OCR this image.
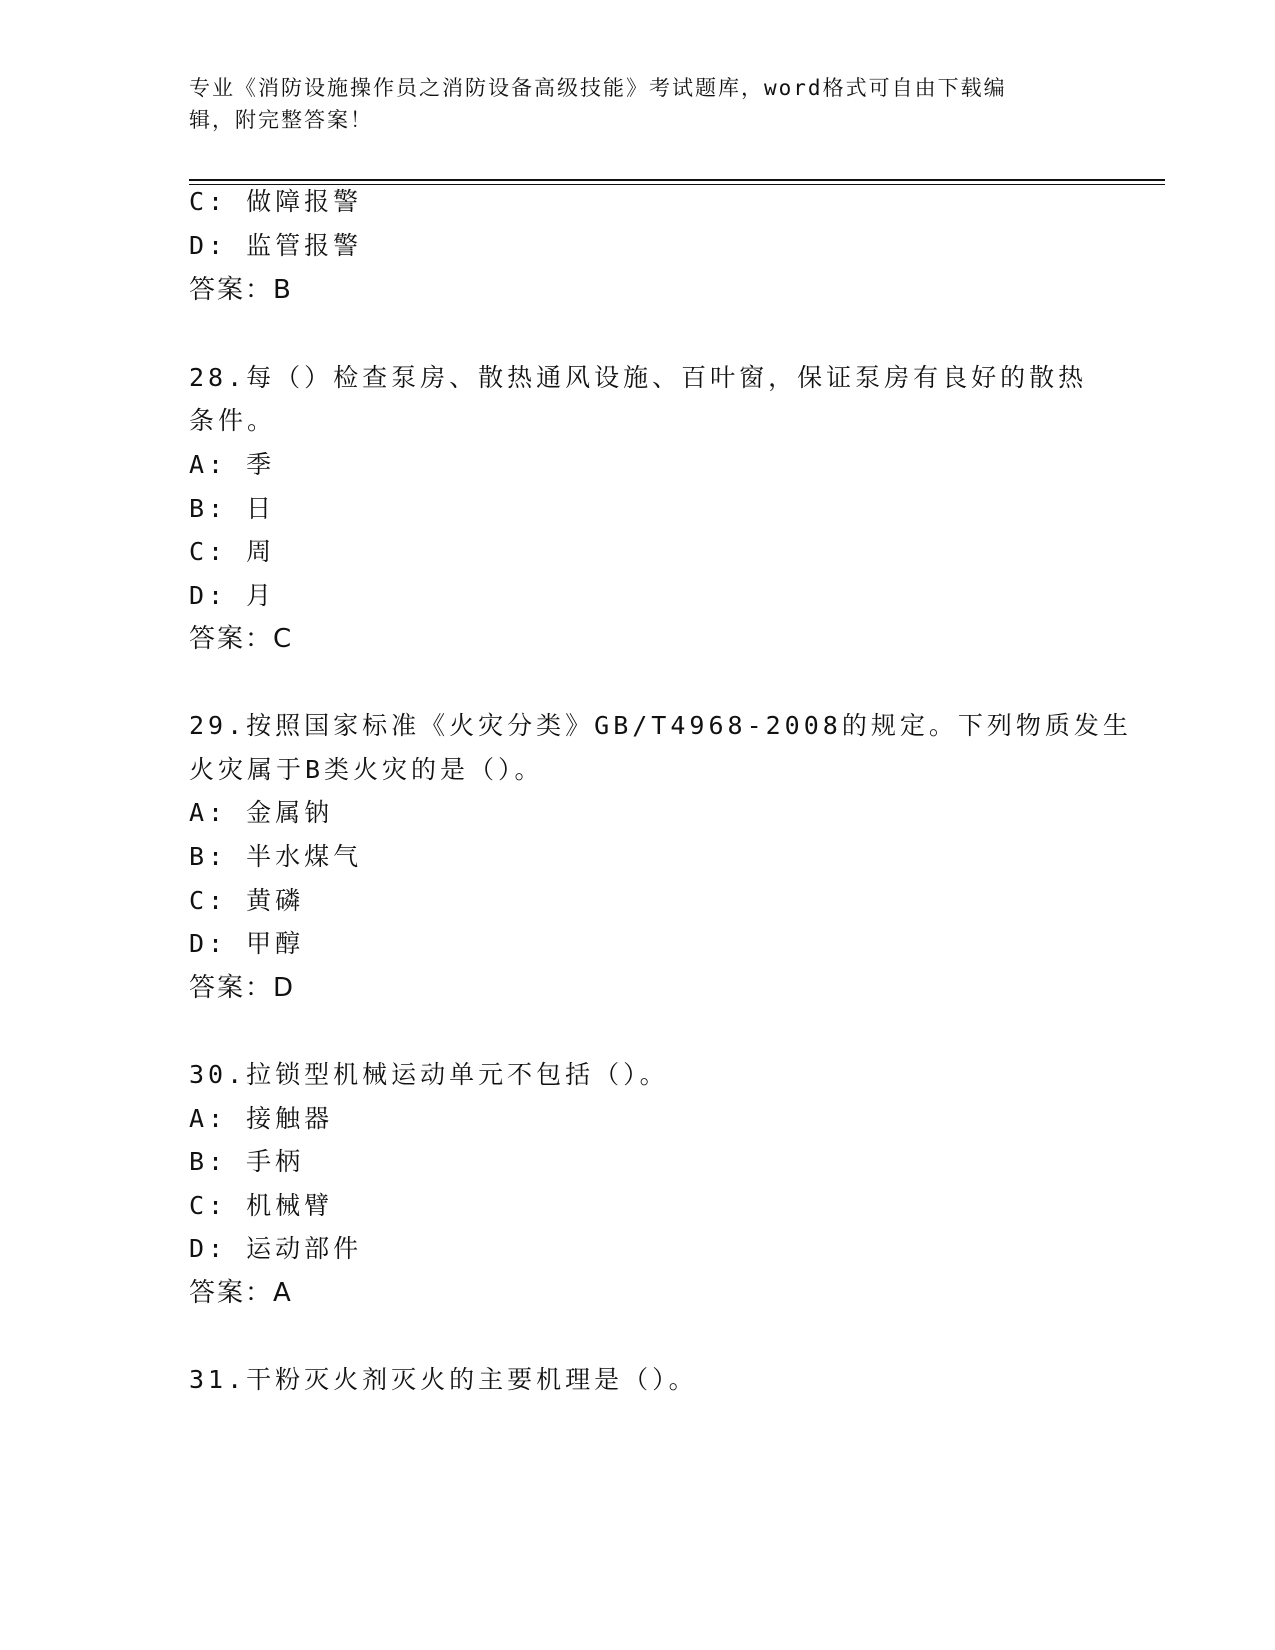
专业《消防设施操作员之消防设备高级技能》考试题库，word格式可自由下载编
辑，附完整答案！
C: 做障报警
D: 监管报警
答案：B
28.每（）检查泵房、散热通风设施、百叶窗，保证泵房有良好的散热
条件。
A: 季
B: 日
C: 周
D: 月
答案：C
29.按照国家标准《火灾分类》GB/T4968-2008的规定。下列物质发生
火灾属于B类火灾的是（）。
A: 金属钠
B: 半水煤气
C: 黄磷
D: 甲醇
答案：D
30.拉锁型机械运动单元不包括（）。
A: 接触器
B: 手柄
C: 机械臂
D: 运动部件
答案：A
31.干粉灭火剂灭火的主要机理是（）。
